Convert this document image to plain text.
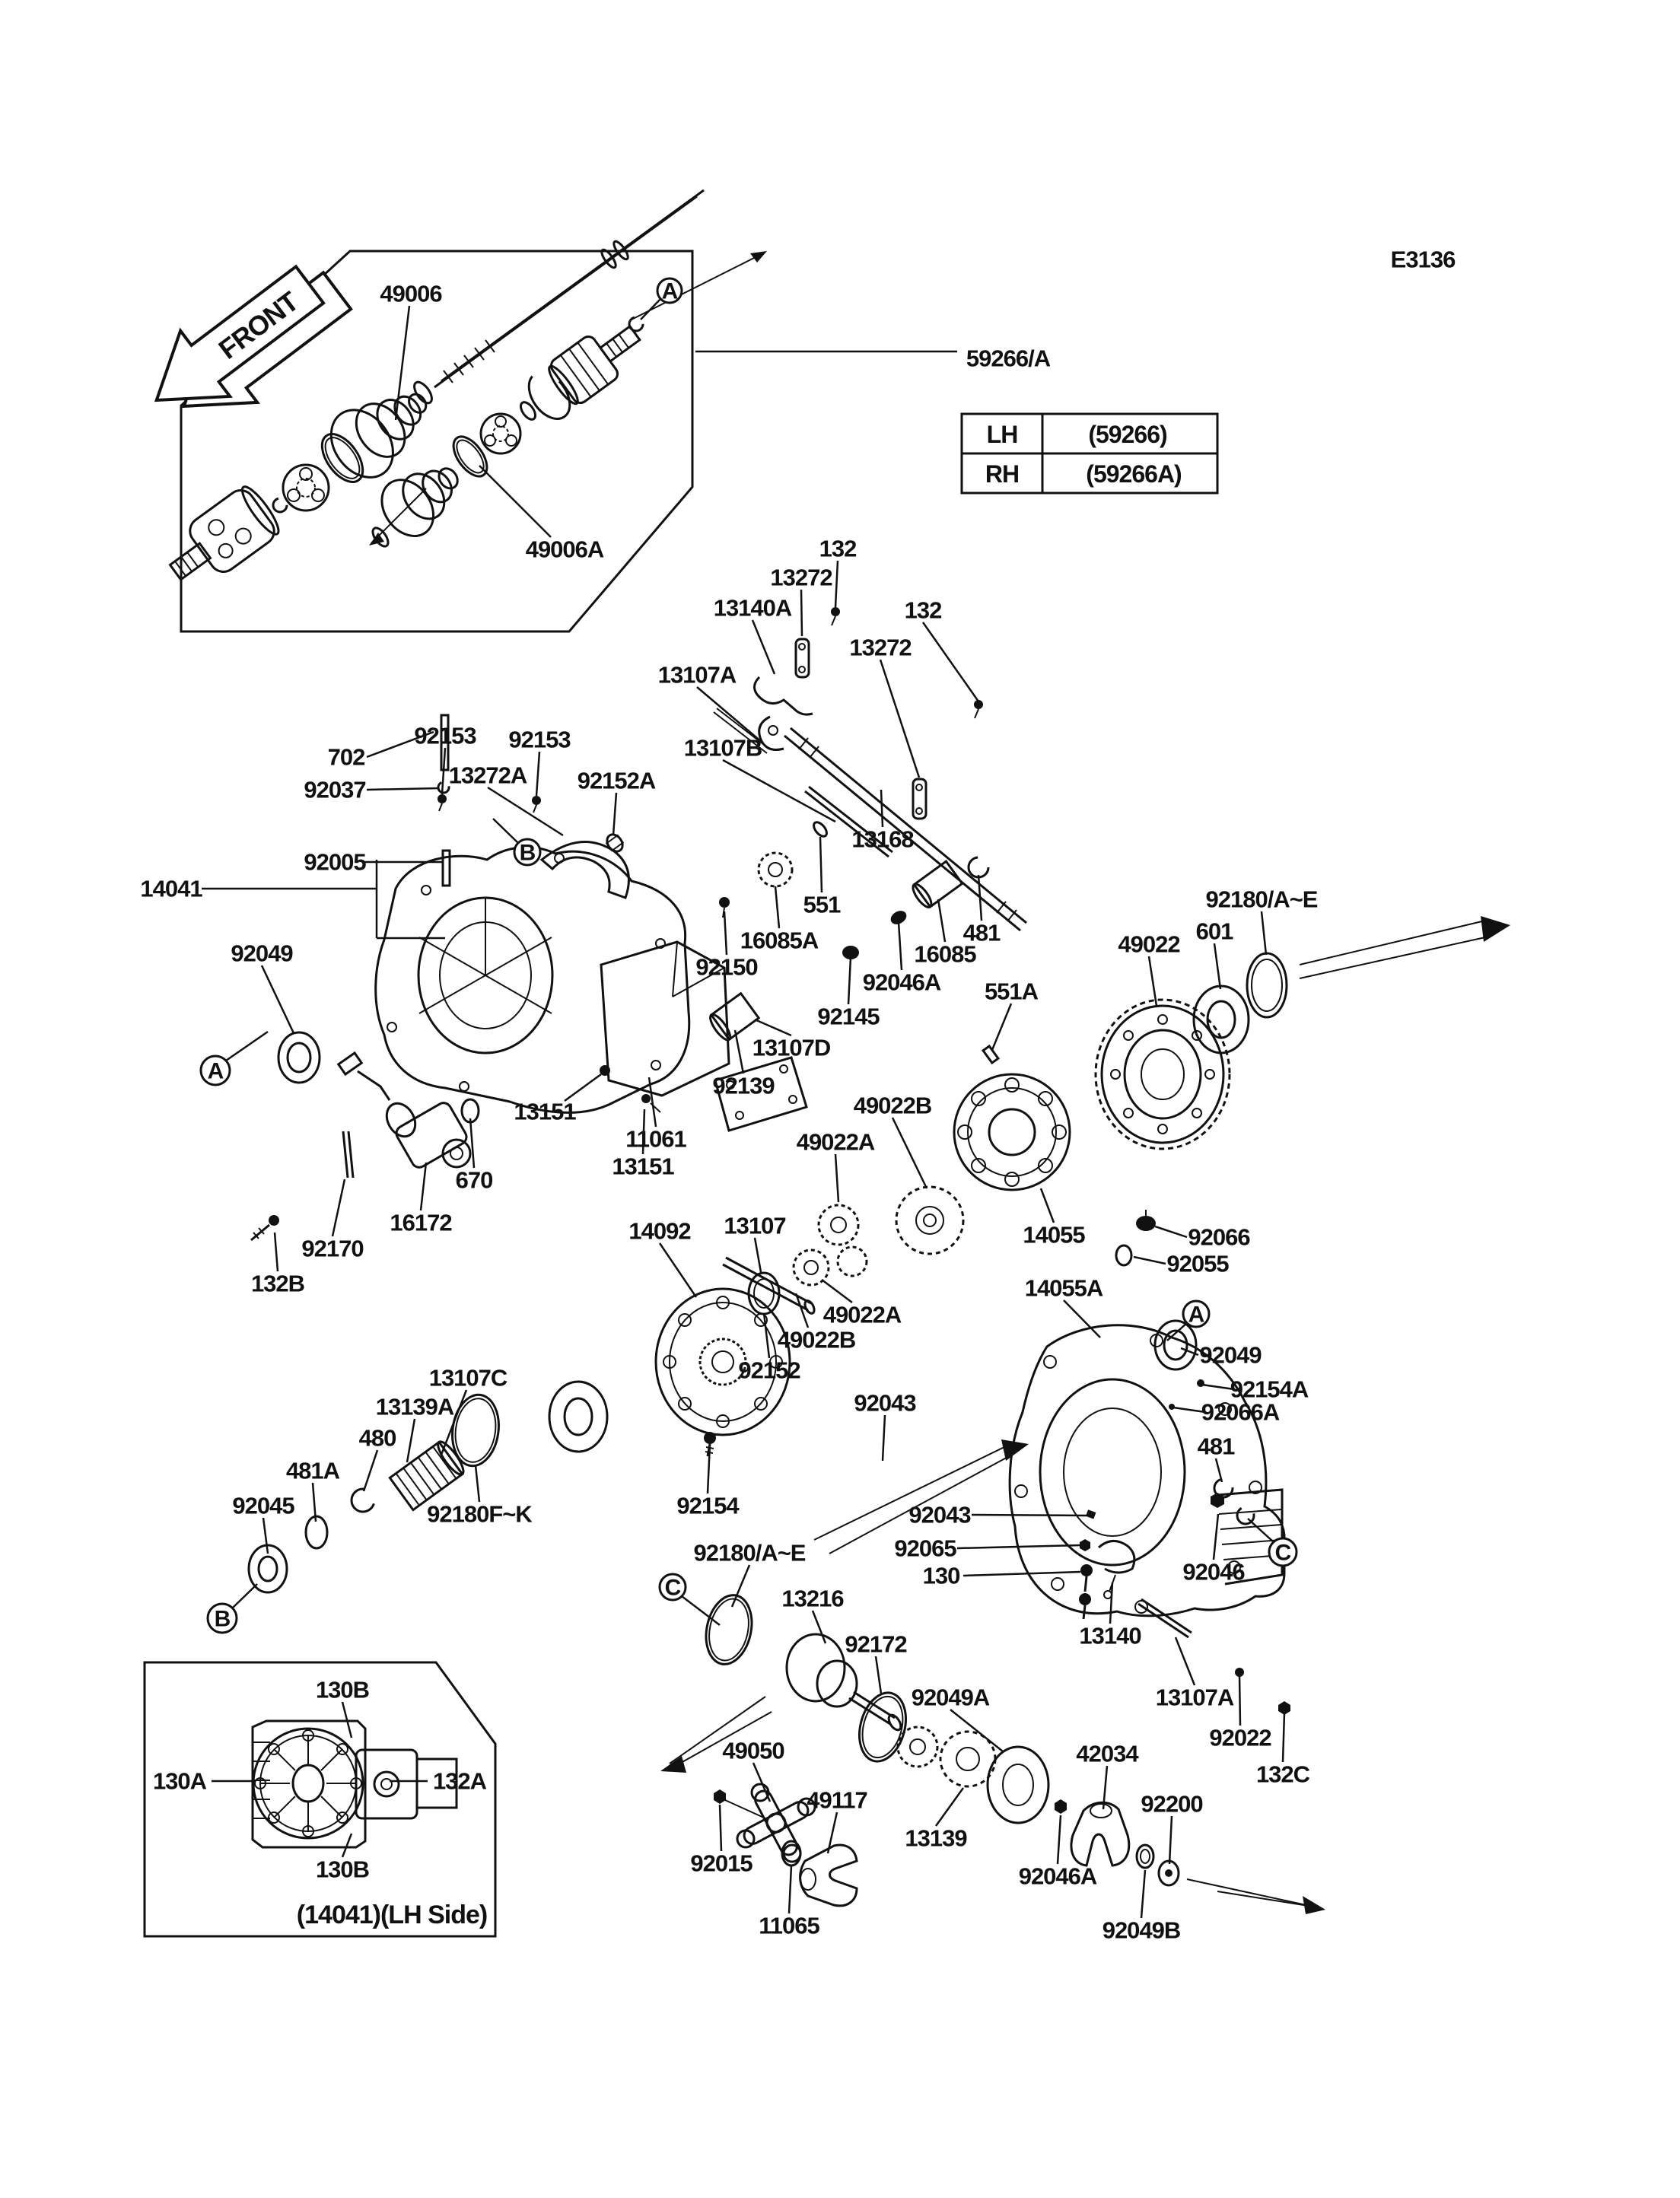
LH	(59266)
RH	(59266A)
E3136
FRONT
(14041)(LH Side)
49006
49006A
59266/A
132
13272
13140A	132
13272
13107A
13107B
702
92037
92153
13272A
92153
92152A
92005
14041
92049
13168
551
16085A
92150
481
16085
92046A
92145
551A
49022 601
92180/A~E
92139
13107D
11061
13151
13151
670
16172
92170
132B
14092 13107
49022A
49022B
14055	92066
92055
14055A
92049
92154A
92066A
481
49022A
49022B
92152
92043
92154
92180F~K
13107C
13139A
480
481A
92045
92180/A~E
13216
92172
92049A
92043
92065
130	92046
13140
13107A
92022
132C
42034
92200
13139
92046A
92049B
49050
49117
92015
11065
130B
130A	132A
130B
A
A
A
B
B
C
C
